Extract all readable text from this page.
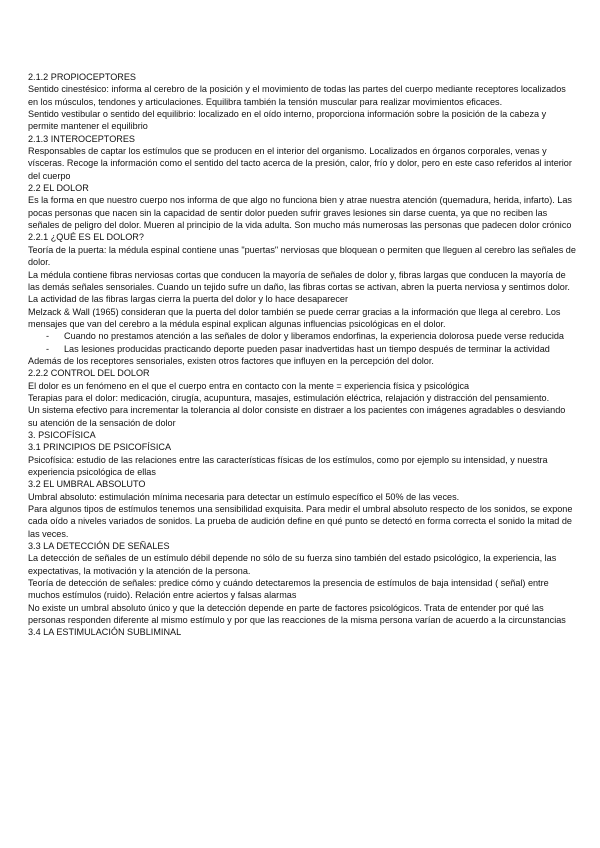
2.1.2 PROPIOCEPTORES

Sentido cinestésico: informa al cerebro de la posición y el movimiento de todas las partes del cuerpo mediante receptores localizados en los músculos, tendones y articulaciones. Equilibra también la tensión muscular para realizar movimientos eficaces.

Sentido vestibular o sentido del equilibrio: localizado en el oído interno, proporciona información sobre la posición de la cabeza y permite mantener el equilibrio

2.1.3 INTEROCEPTORES

Responsables de captar los estímulos que se producen en el interior del organismo. Localizados en órganos corporales, venas y vísceras. Recoge la información como el sentido del tacto acerca de la presión, calor, frío y dolor, pero en este caso referidos al interior del cuerpo

2.2 EL DOLOR

Es la forma en que nuestro cuerpo nos informa de que algo no funciona bien y atrae nuestra atención (quemadura, herida, infarto). Las pocas personas que nacen sin la capacidad de sentir dolor pueden sufrir graves lesiones sin darse cuenta, ya que no reciben las señales de peligro del dolor. Mueren al principio de la vida adulta. Son mucho más numerosas las personas que padecen dolor crónico

2.2.1 ¿QUÉ ES EL DOLOR?

Teoría de la puerta: la médula espinal contiene unas "puertas" nerviosas que bloquean o permiten que lleguen al cerebro las señales de dolor.

La médula contiene fibras nerviosas cortas que conducen la mayoría de señales de dolor y, fibras largas que conducen la mayoría de las demás señales sensoriales. Cuando un tejido sufre un daño, las fibras cortas se activan, abren la puerta nerviosa y sentimos dolor. La actividad de las fibras largas cierra la puerta del dolor y lo hace desaparecer

Melzack & Wall (1965) consideran que la puerta del dolor también se puede cerrar gracias a la información que llega al cerebro. Los mensajes que van del cerebro a la médula espinal explican algunas influencias psicológicas en el dolor.

- Cuando no prestamos atención a las señales de dolor y liberamos endorfinas, la experiencia dolorosa puede verse reducida
- Las lesiones producidas practicando deporte pueden pasar inadvertidas hast un tiempo después de terminar la actividad

Además de los receptores sensoriales, existen otros factores que influyen en la percepción del dolor.

2.2.2 CONTROL DEL DOLOR

El dolor es un fenómeno en el que el cuerpo entra en contacto con la mente = experiencia física y psicológica

Terapias para el dolor: medicación, cirugía, acupuntura, masajes, estimulación eléctrica, relajación y distracción del pensamiento.

Un sistema efectivo para incrementar la tolerancia al dolor consiste en distraer a los pacientes con imágenes agradables o desviando su atención de la sensación de dolor

3. PSICOFÍSICA

3.1 PRINCIPIOS DE PSICOFÍSICA

Psicofísica: estudio de las relaciones entre las características físicas de los estímulos, como por ejemplo su intensidad, y nuestra experiencia psicológica de ellas

3.2 EL UMBRAL ABSOLUTO

Umbral absoluto: estimulación mínima necesaria para detectar un estímulo específico el 50% de las veces.

Para algunos tipos de estímulos tenemos una sensibilidad exquisita. Para medir el umbral absoluto respecto de los sonidos, se expone cada oído a niveles variados de sonidos. La prueba de audición define en qué punto se detectó en forma correcta el sonido la mitad de las veces.

3.3 LA DETECCIÓN DE SEÑALES

La detección de señales de un estímulo débil depende no sólo de su fuerza sino también del estado psicológico, la experiencia, las expectativas, la motivación y la atención de la persona.

Teoría de detección de señales: predice cómo y cuándo detectaremos la presencia de estímulos de baja intensidad ( señal) entre muchos estímulos (ruido). Relación entre aciertos y falsas alarmas

No existe un umbral absoluto único y que la detección depende en parte de factores psicológicos. Trata de entender por qué las personas responden diferente al mismo estímulo y por que las reacciones de la misma persona varían de acuerdo a la circunstancias

3.4 LA ESTIMULACIÓN SUBLIMINAL
